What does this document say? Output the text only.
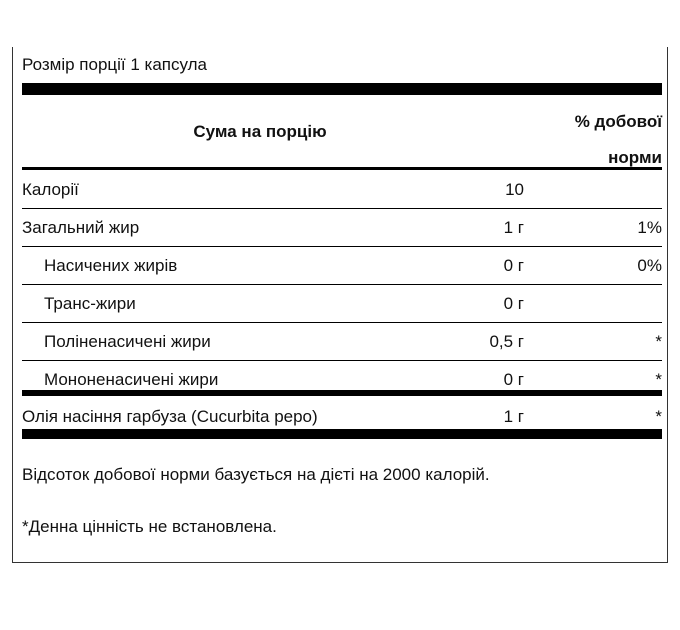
Розмір порції 1 капсула
Сума на порцію
% добової
норми
Калорії	10
Загальний жир	1 г	1%
Насичених жирів	0 г	0%
Транс-жири	0 г
Поліненасичені жири	0,5 г	*
Мононенасичені жири	0 г	*
Олія насіння гарбуза (Cucurbita pepo)	1 г	*
Відсоток добової норми базується на дієті на 2000 калорій.
*Денна цінність не встановлена.
